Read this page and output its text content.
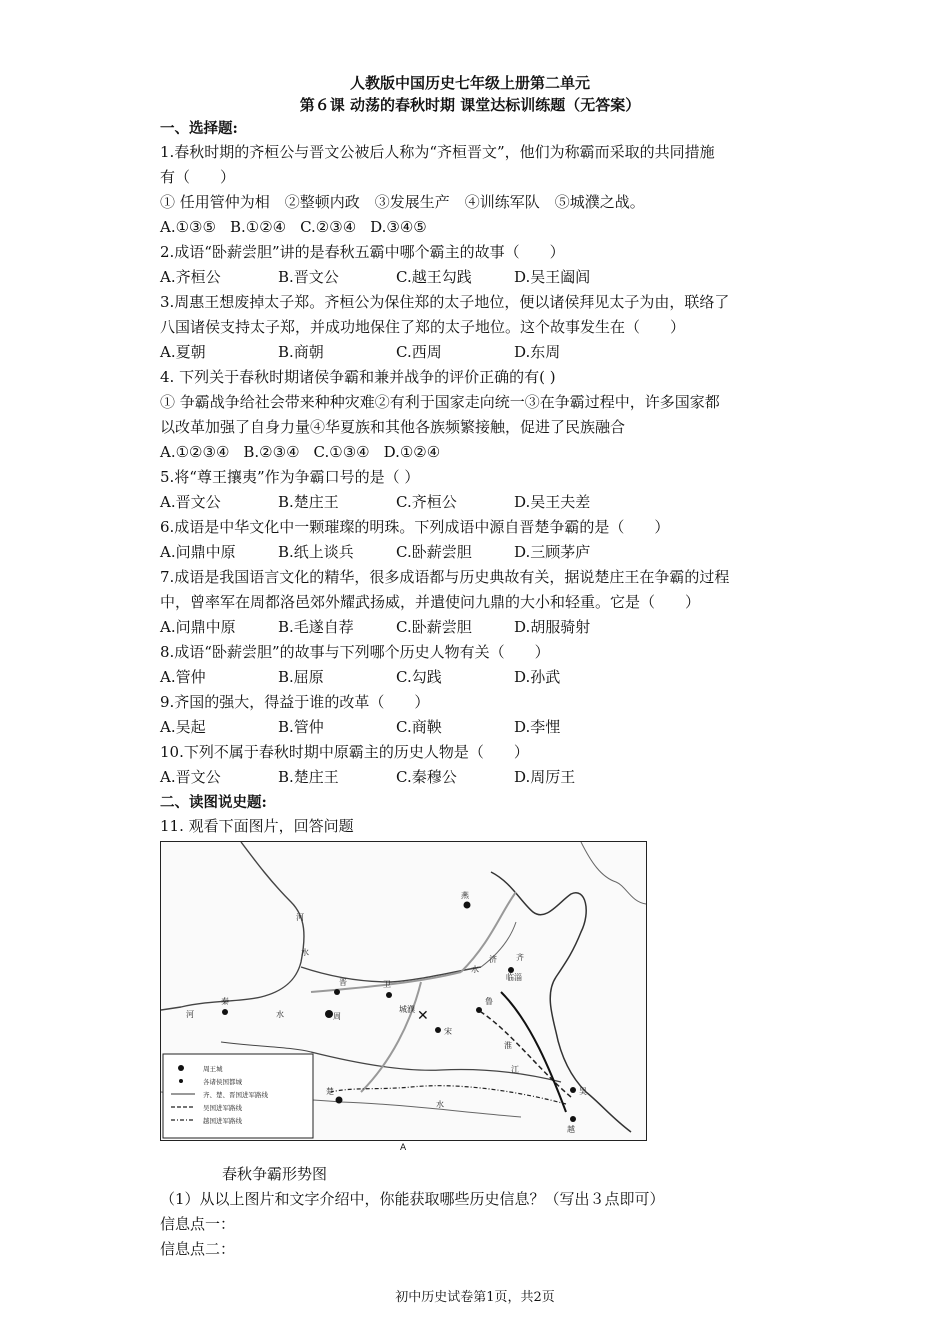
人教版中国历史七年级上册第二单元
第６课 动荡的春秋时期 课堂达标训练题（无答案）
一、选择题:
1.春秋时期的齐桓公与晋文公被后人称为“齐桓晋文”，他们为称霸而采取的共同措施
有（　　）
① 任用管仲为相　②整顿内政　③发展生产　④训练军队　⑤城濮之战。
A.①③⑤ B.①②④ C.②③④ D.③④⑤
2.成语“卧薪尝胆”讲的是春秋五霸中哪个霸主的故事（　　）
A.齐桓公	B.晋文公	C.越王勾践	D.吴王阖闾
3.周惠王想废掉太子郑。齐桓公为保住郑的太子地位，便以诸侯拜见太子为由，联络了
八国诸侯支持太子郑，并成功地保住了郑的太子地位。这个故事发生在（　　）
A.夏朝	B.商朝	C.西周	D.东周
4. 下列关于春秋时期诸侯争霸和兼并战争的评价正确的有( )
① 争霸战争给社会带来种种灾难②有利于国家走向统一③在争霸过程中，许多国家都
以改革加强了自身力量④华夏族和其他各族频繁接触，促进了民族融合
A.①②③④ B.②③④ C.①③④ D.①②④
5.将“尊王攘夷”作为争霸口号的是（ ）
A.晋文公	B.楚庄王	C.齐桓公	D.吴王夫差
6.成语是中华文化中一颗璀璨的明珠。下列成语中源自晋楚争霸的是（　　）
A.问鼎中原	B.纸上谈兵	C.卧薪尝胆	D.三顾茅庐
7.成语是我国语言文化的精华，很多成语都与历史典故有关，据说楚庄王在争霸的过程
中，曾率军在周都洛邑郊外耀武扬威，并遣使问九鼎的大小和轻重。它是（　　）
A.问鼎中原	B.毛遂自荐	C.卧薪尝胆	D.胡服骑射
8.成语“卧薪尝胆”的故事与下列哪个历史人物有关（　　）
A.管仲	B.屈原	C.勾践	D.孙武
9.齐国的强大，得益于谁的改革（　　）
A.吴起	B.管仲	C.商鞅	D.李悝
10.下列不属于春秋时期中原霸主的历史人物是（　　）
A.晋文公	B.楚庄王	C.秦穆公	D.周厉王
二、读图说史题:
11. 观看下面图片，回答问题
✕
燕
齐
临淄
卫
晋
鲁
宋
周
城濮
秦
楚	吴
越
河
水
水
济
水
淮
江
河
水
周王城
各诸侯国都城
齐、楚、晋国进军路线
吴国进军路线
越国进军路线
A
春秋争霸形势图
（1）从以上图片和文字介绍中，你能获取哪些历史信息？（写出３点即可）
信息点一：
信息点二：
初中历史试卷第1页，共2页
